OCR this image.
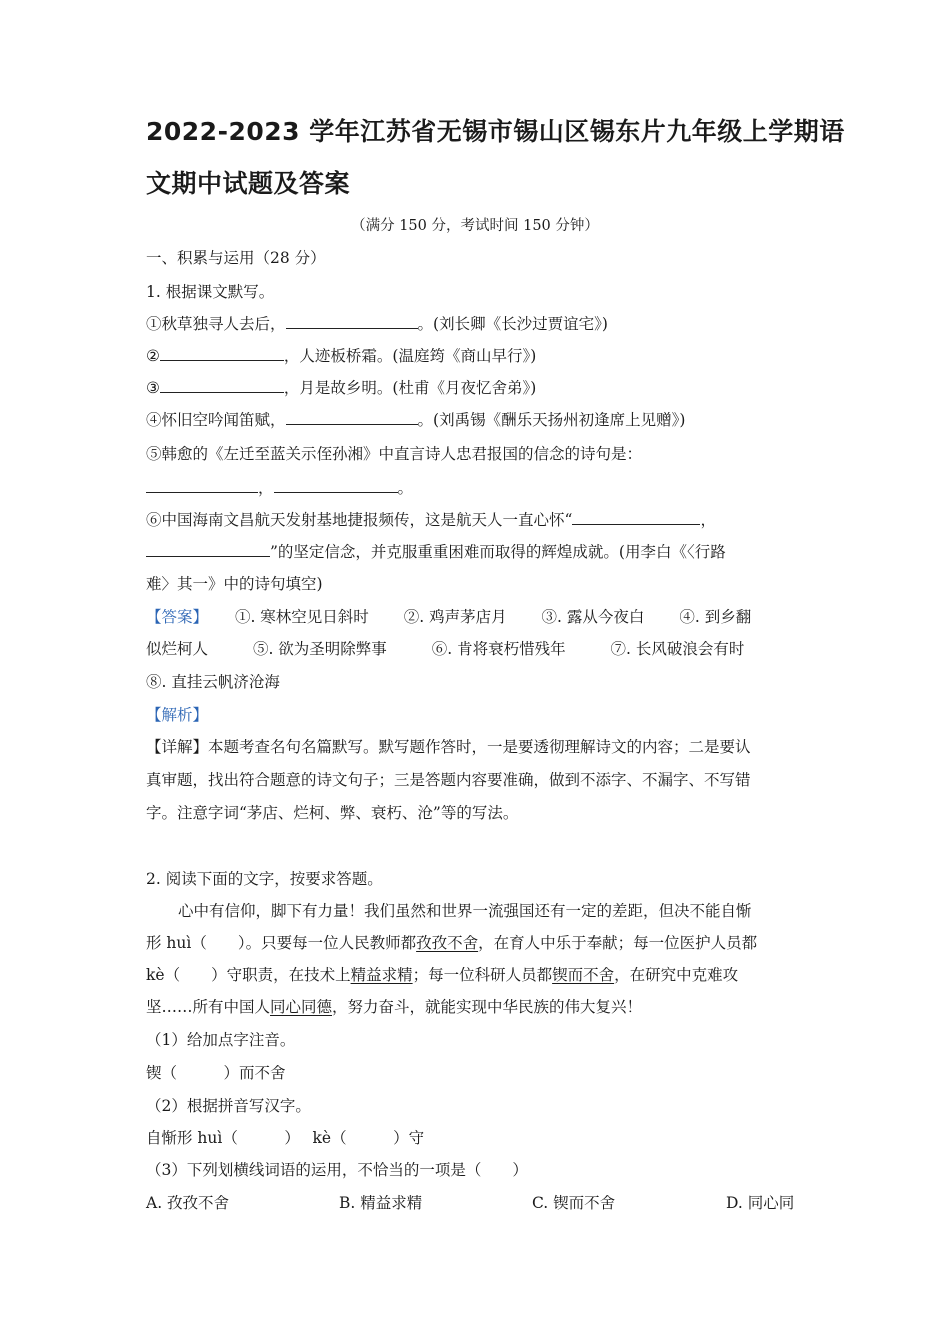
2022-2023 学年江苏省无锡市锡山区锡东片九年级上学期语
文期中试题及答案
（满分 150 分，考试时间 150 分钟）
一、积累与运用（28 分）
1. 根据课文默写。
①秋草独寻人去后，	。(刘长卿《长沙过贾谊宅》)
②	，人迹板桥霜。(温庭筠《商山早行》)
③	，月是故乡明。(杜甫《月夜忆舍弟》)
④怀旧空吟闻笛赋，	。(刘禹锡《酬乐天扬州初逢席上见赠》)
⑤韩愈的《左迁至蓝关示侄孙湘》中直言诗人忠君报国的信念的诗句是：
，	。
⑥中国海南文昌航天发射基地捷报频传，这是航天人一直心怀“	，
”的坚定信念，并克服重重困难而取得的辉煌成就。(用李白《〈行路
难〉其一》中的诗句填空)
【答案】 ①. 寒林空见日斜时 ②. 鸡声茅店月 ③. 露从今夜白 ④. 到乡翻
似烂柯人	⑤. 欲为圣明除弊事	⑥. 肯将衰朽惜残年	⑦. 长风破浪会有时
⑧. 直挂云帆济沧海
【解析】
【详解】本题考查名句名篇默写。默写题作答时，一是要透彻理解诗文的内容；二是要认
真审题，找出符合题意的诗文句子；三是答题内容要准确，做到不添字、不漏字、不写错
字。注意字词“茅店、烂柯、弊、衰朽、沧”等的写法。
2. 阅读下面的文字，按要求答题。
心中有信仰，脚下有力量！我们虽然和世界一流强国还有一定的差距，但决不能自惭
形 huì（　　）。只要每一位人民教师都孜孜不舍，在育人中乐于奉献；每一位医护人员都
kè（　　）守职责，在技术上精益求精；每一位科研人员都锲而不舍，在研究中克难攻
坚……所有中国人同心同德，努力奋斗，就能实现中华民族的伟大复兴！
（1）给加点字注音。
锲（　　　）而不舍
（2）根据拼音写汉字。
自惭形 huì（　　　）　 kè（　　　）守
（3）下列划横线词语的运用，不恰当的一项是（　　）
A. 孜孜不舍	B. 精益求精	C. 锲而不舍	D. 同心同
